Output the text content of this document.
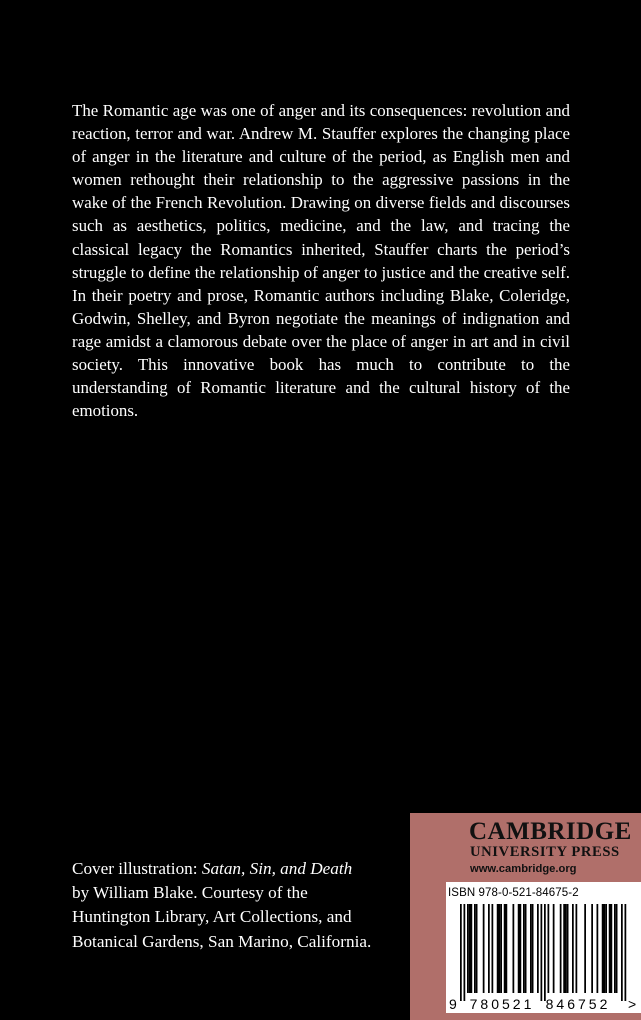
The Romantic age was one of anger and its consequences: revolution and reaction, terror and war. Andrew M. Stauffer explores the changing place of anger in the literature and culture of the period, as English men and women rethought their relationship to the aggressive passions in the wake of the French Revolution. Drawing on diverse fields and discourses such as aesthetics, politics, medicine, and the law, and tracing the classical legacy the Romantics inherited, Stauffer charts the period’s struggle to define the relationship of anger to justice and the creative self. In their poetry and prose, Romantic authors including Blake, Coleridge, Godwin, Shelley, and Byron negotiate the meanings of indignation and rage amidst a clamorous debate over the place of anger in art and in civil society. This innovative book has much to contribute to the understanding of Romantic literature and the cultural history of the emotions.

Cover illustration: Satan, Sin, and Death by William Blake. Courtesy of the Huntington Library, Art Collections, and Botanical Gardens, San Marino, California.

CAMBRIDGE
UNIVERSITY PRESS
www.cambridge.org
ISBN 978-0-521-84675-2
9 780521 846752 >
